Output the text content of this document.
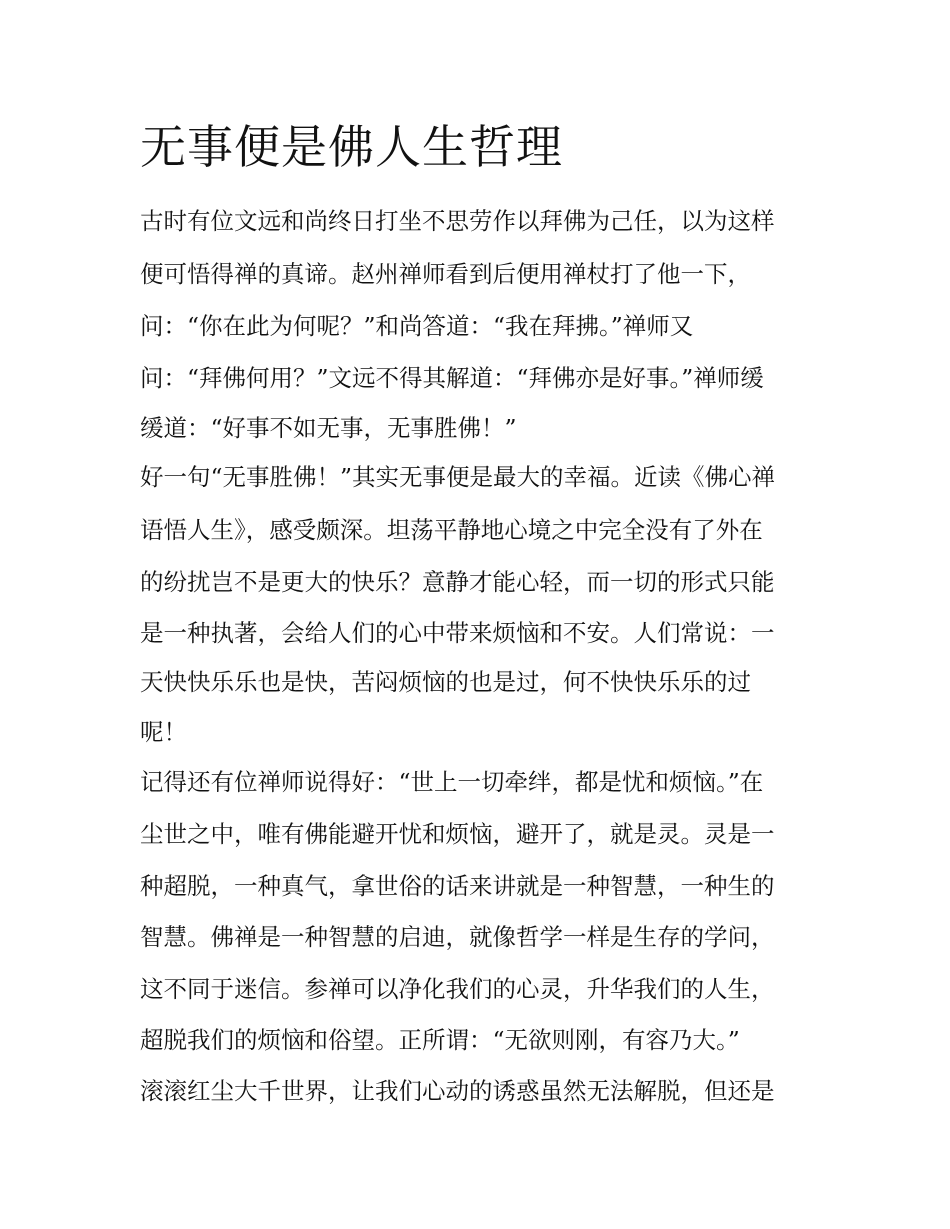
无事便是佛人生哲理

古时有位文远和尚终日打坐不思劳作以拜佛为己任，以为这样

便可悟得禅的真谛。赵州禅师看到后便用禅杖打了他一下，

问：“你在此为何呢？”和尚答道：“我在拜拂。”禅师又

问：“拜佛何用？”文远不得其解道：“拜佛亦是好事。”禅师缓

缓道：“好事不如无事，无事胜佛！”

好一句“无事胜佛！”其实无事便是最大的幸福。近读《佛心禅

语悟人生》，感受颇深。坦荡平静地心境之中完全没有了外在

的纷扰岂不是更大的快乐？意静才能心轻，而一切的形式只能

是一种执著，会给人们的心中带来烦恼和不安。人们常说：一

天快快乐乐也是快，苦闷烦恼的也是过，何不快快乐乐的过

呢！

记得还有位禅师说得好：“世上一切牵绊，都是忧和烦恼。”在

尘世之中，唯有佛能避开忧和烦恼，避开了，就是灵。灵是一

种超脱，一种真气，拿世俗的话来讲就是一种智慧，一种生的

智慧。佛禅是一种智慧的启迪，就像哲学一样是生存的学问，

这不同于迷信。参禅可以净化我们的心灵，升华我们的人生，

超脱我们的烦恼和俗望。正所谓：“无欲则刚，有容乃大。”

滚滚红尘大千世界，让我们心动的诱惑虽然无法解脱，但还是
